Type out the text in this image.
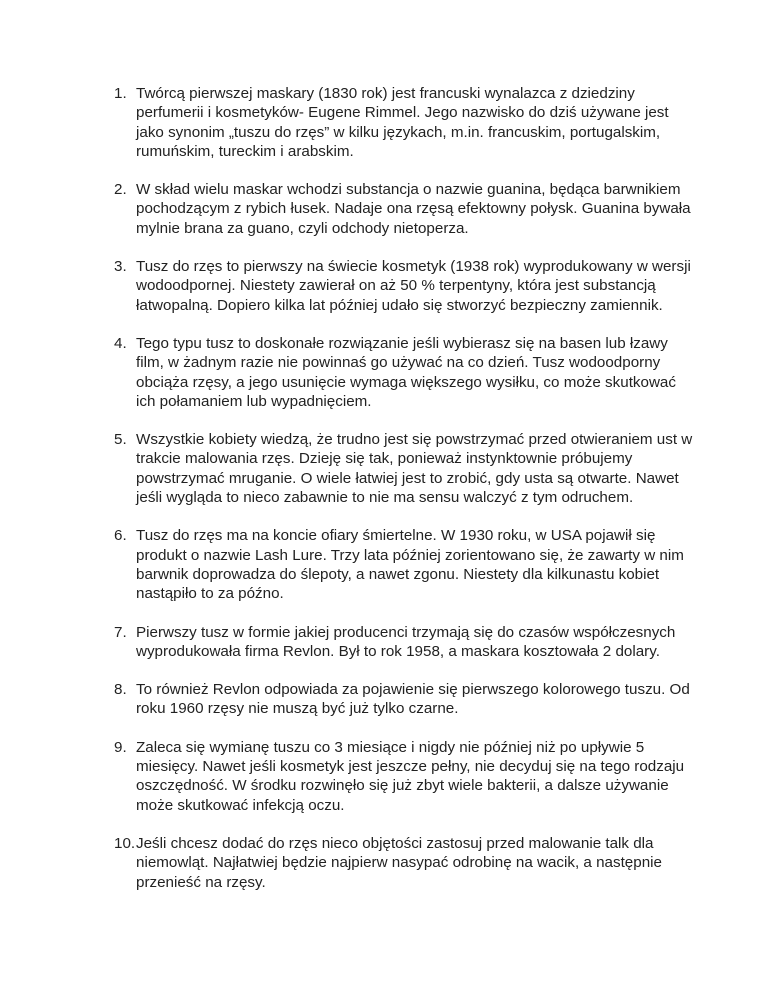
1. Twórcą pierwszej maskary (1830 rok) jest francuski wynalazca z dziedziny perfumerii i kosmetyków- Eugene Rimmel. Jego nazwisko do dziś używane jest jako synonim „tuszu do rzęs” w kilku językach, m.in. francuskim, portugalskim, rumuńskim, tureckim i arabskim.
2. W skład wielu maskar wchodzi substancja o nazwie guanina, będąca barwnikiem pochodzącym z rybich łusek. Nadaje ona rzęsą efektowny połysk. Guanina bywała mylnie brana za guano, czyli odchody nietoperza.
3. Tusz do rzęs to pierwszy na świecie kosmetyk (1938 rok) wyprodukowany w wersji wodoodpornej. Niestety zawierał on aż 50 % terpentyny, która jest substancją łatwopalną. Dopiero kilka lat później udało się stworzyć bezpieczny zamiennik.
4. Tego typu tusz to doskonałe rozwiązanie jeśli wybierasz się na basen lub łzawy film, w żadnym razie nie powinnaś go używać na co dzień. Tusz wodoodporny obciąża rzęsy, a jego usunięcie wymaga większego wysiłku, co może skutkować ich połamaniem lub wypadnięciem.
5. Wszystkie kobiety wiedzą, że trudno jest się powstrzymać przed otwieraniem ust w trakcie malowania rzęs. Dzieję się tak, ponieważ instynktownie próbujemy powstrzymać mruganie. O wiele łatwiej jest to zrobić, gdy usta są otwarte. Nawet jeśli wygląda to nieco zabawnie to nie ma sensu walczyć z tym odruchem.
6. Tusz do rzęs ma na koncie ofiary śmiertelne. W 1930 roku, w USA pojawił się produkt o nazwie Lash Lure. Trzy lata później zorientowano się, że zawarty w nim barwnik doprowadza do ślepoty, a nawet zgonu. Niestety dla kilkunastu kobiet nastąpiło to za późno.
7. Pierwszy tusz w formie jakiej producenci trzymają się do czasów współczesnych wyprodukowała firma Revlon. Był to rok 1958, a maskara kosztowała 2 dolary.
8. To również Revlon odpowiada za pojawienie się pierwszego kolorowego tuszu. Od roku 1960 rzęsy nie muszą być już tylko czarne.
9. Zaleca się wymianę tuszu co 3 miesiące i nigdy nie później niż po upływie 5 miesięcy. Nawet jeśli kosmetyk jest jeszcze pełny, nie decyduj się na tego rodzaju oszczędność. W środku rozwinęło się już zbyt wiele bakterii, a dalsze używanie może skutkować infekcją oczu.
10. Jeśli chcesz dodać do rzęs nieco objętości zastosuj przed malowanie talk dla niemowląt. Najłatwiej będzie najpierw nasypać odrobinę na wacik, a następnie przenieść na rzęsy.
